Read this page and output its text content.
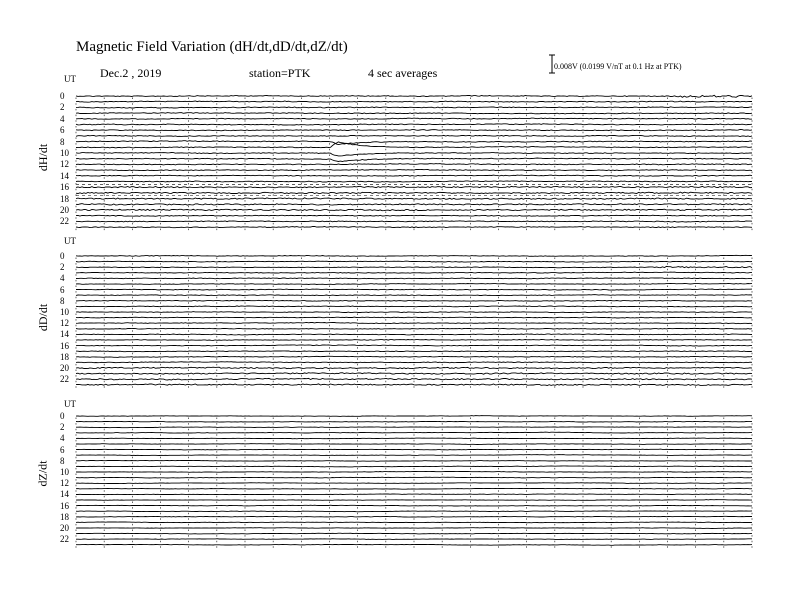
Magnetic Field Variation (dH/dt,dD/dt,dZ/dt)
Dec.2 , 2019	station=PTK	4 sec averages	0.008V (0.0199 V/nT at 0.1 Hz at PTK)
UT
UT
UT
dH/dt
dD/dt
dZ/dt
0
2
4
6
8
10
12
14
16
18
20
22
0
2
4
6
8
10
12
14
16
18
20
22
0
2
4
6
8
10
12
14
16
18
20
22
